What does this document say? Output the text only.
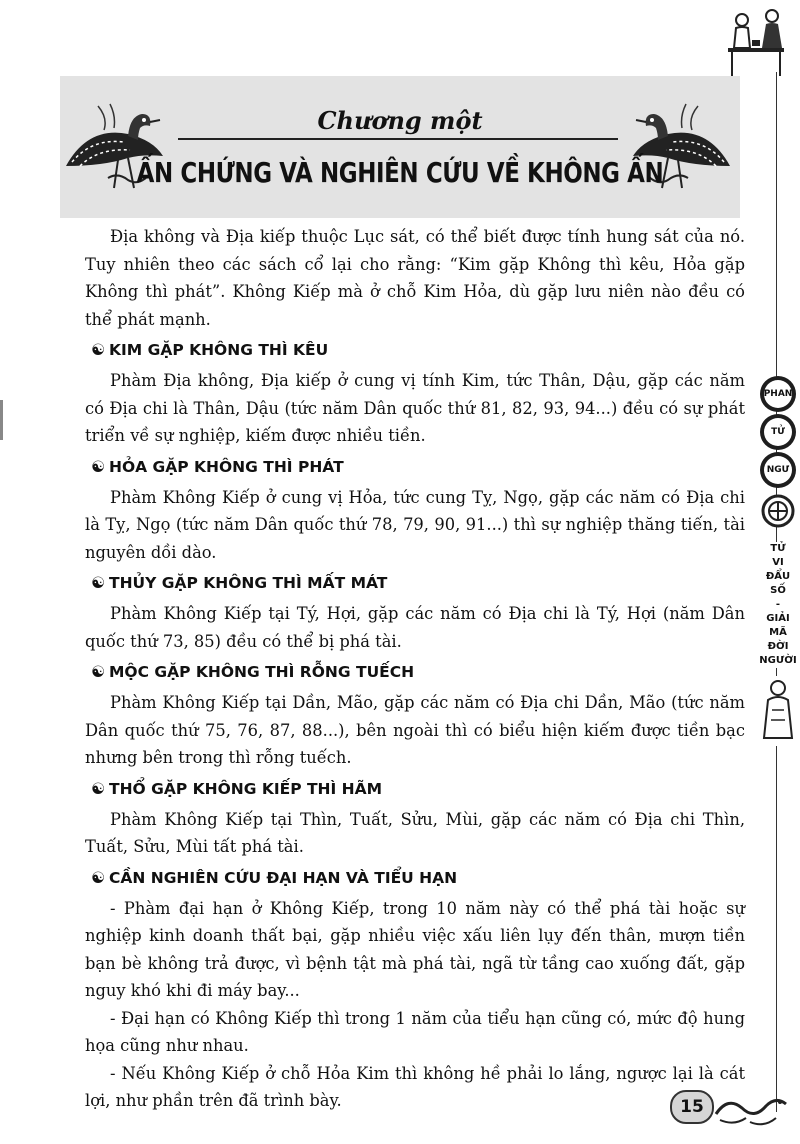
Chương một
ẤN CHỨNG VÀ NGHIÊN CỨU VỀ KHÔNG ẤN

Địa không và Địa kiếp thuộc Lục sát, có thể biết được tính hung sát của nó. Tuy nhiên theo các sách cổ lại cho rằng: “Kim gặp Không thì kêu, Hỏa gặp Không thì phát”. Không Kiếp mà ở chỗ Kim Hỏa, dù gặp lưu niên nào đều có thể phát mạnh.

☯ KIM GẶP KHÔNG THÌ KÊU

Phàm Địa không, Địa kiếp ở cung vị tính Kim, tức Thân, Dậu, gặp các năm có Địa chi là Thân, Dậu (tức năm Dân quốc thứ 81, 82, 93, 94...) đều có sự phát triển về sự nghiệp, kiếm được nhiều tiền.

☯ HỎA GẶP KHÔNG THÌ PHÁT

Phàm Không Kiếp ở cung vị Hỏa, tức cung Tỵ, Ngọ, gặp các năm có Địa chi là Tỵ, Ngọ (tức năm Dân quốc thứ 78, 79, 90, 91...) thì sự nghiệp thăng tiến, tài nguyên dồi dào.

☯ THỦY GẶP KHÔNG THÌ MẤT MÁT

Phàm Không Kiếp tại Tý, Hợi, gặp các năm có Địa chi là Tý, Hợi (năm Dân quốc thứ 73, 85) đều có thể bị phá tài.

☯ MỘC GẶP KHÔNG THÌ RỖNG TUẾCH

Phàm Không Kiếp tại Dần, Mão, gặp các năm có Địa chi Dần, Mão (tức năm Dân quốc thứ 75, 76, 87, 88...), bên ngoài thì có biểu hiện kiếm được tiền bạc nhưng bên trong thì rỗng tuếch.

☯ THỔ GẶP KHÔNG KIẾP THÌ HÃM

Phàm Không Kiếp tại Thìn, Tuất, Sửu, Mùi, gặp các năm có Địa chi Thìn, Tuất, Sửu, Mùi tất phá tài.

☯ CẦN NGHIÊN CỨU ĐẠI HẠN VÀ TIỂU HẠN

- Phàm đại hạn ở Không Kiếp, trong 10 năm này có thể phá tài hoặc sự nghiệp kinh doanh thất bại, gặp nhiều việc xấu liên lụy đến thân, mượn tiền bạn bè không trả được, vì bệnh tật mà phá tài, ngã từ tầng cao xuống đất, gặp nguy khó khi đi máy bay...

- Đại hạn có Không Kiếp thì trong 1 năm của tiểu hạn cũng có, mức độ hung họa cũng như nhau.

- Nếu Không Kiếp ở chỗ Hỏa Kim thì không hề phải lo lắng, ngược lại là cát lợi, như phần trên đã trình bày.

PHAN
TỬ
NGƯ
TỬ
VI
ĐẨU
SỐ
-
GIẢI
MÃ
ĐỜI
NGƯỜI
15
